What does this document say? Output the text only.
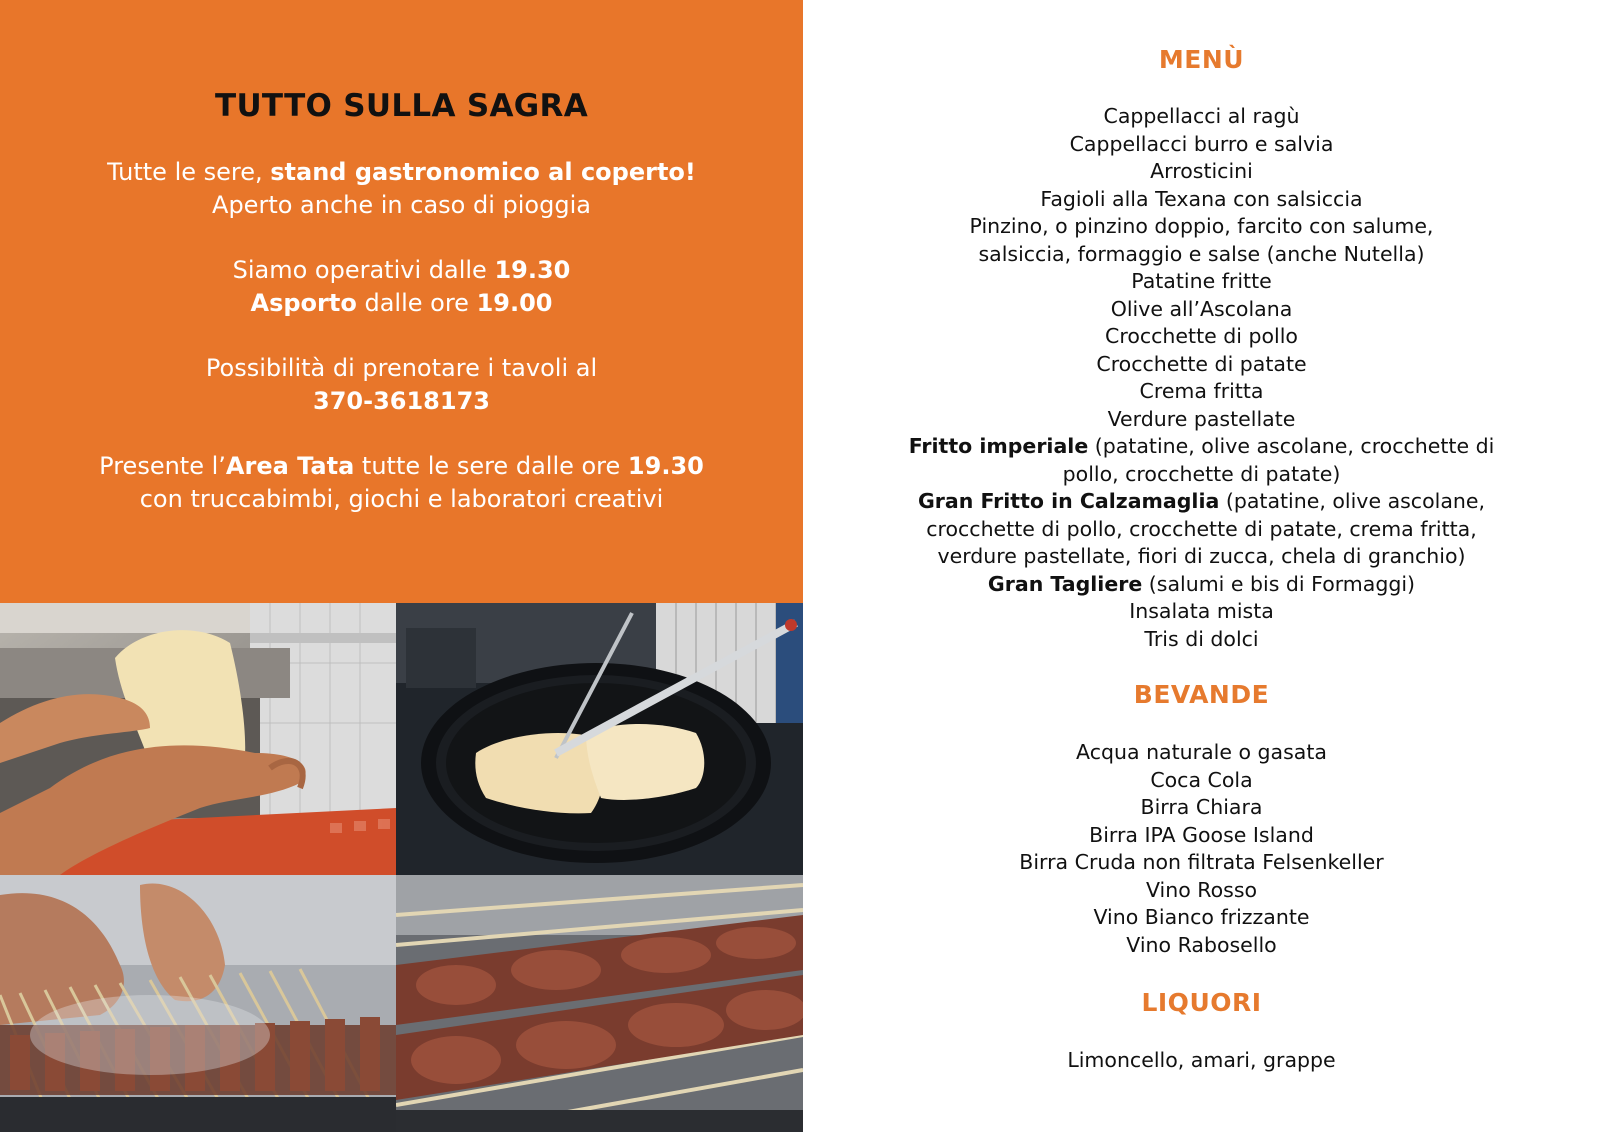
TUTTO SULLA SAGRA

Tutte le sere, stand gastronomico al coperto!
Aperto anche in caso di pioggia

Siamo operativi dalle 19.30
Asporto dalle ore 19.00

Possibilità di prenotare i tavoli al
370-3618173

Presente l’Area Tata tutte le sere dalle ore 19.30
con truccabimbi, giochi e laboratori creativi

MENÙ
Cappellacci al ragù
Cappellacci burro e salvia
Arrosticini
Fagioli alla Texana con salsiccia
Pinzino, o pinzino doppio, farcito con salume,
salsiccia, formaggio e salse (anche Nutella)
Patatine fritte
Olive all’Ascolana
Crocchette di pollo
Crocchette di patate
Crema fritta
Verdure pastellate
Fritto imperiale (patatine, olive ascolane, crocchette di
pollo, crocchette di patate)
Gran Fritto in Calzamaglia (patatine, olive ascolane,
crocchette di pollo, crocchette di patate, crema fritta,
verdure pastellate, fiori di zucca, chela di granchio)
Gran Tagliere (salumi e bis di Formaggi)
Insalata mista
Tris di dolci
BEVANDE
Acqua naturale o gasata
Coca Cola
Birra Chiara
Birra IPA Goose Island
Birra Cruda non filtrata Felsenkeller
Vino Rosso
Vino Bianco frizzante
Vino Rabosello
LIQUORI
Limoncello, amari, grappe
